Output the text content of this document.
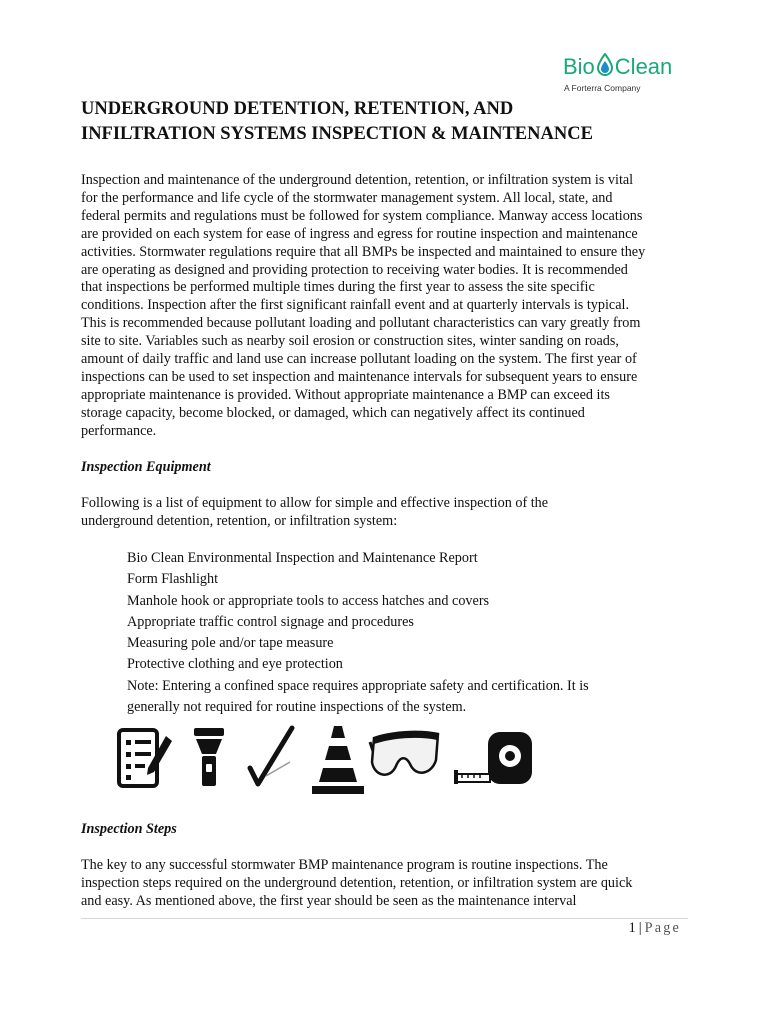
Bio Clean
A Forterra Company
UNDERGROUND DETENTION, RETENTION, AND
INFILTRATION SYSTEMS INSPECTION & MAINTENANCE
Inspection and maintenance of the underground detention, retention, or infiltration system is vital
for the performance and life cycle of the stormwater management system. All local, state, and
federal permits and regulations must be followed for system compliance. Manway access locations
are provided on each system for ease of ingress and egress for routine inspection and maintenance
activities. Stormwater regulations require that all BMPs be inspected and maintained to ensure they
are operating as designed and providing protection to receiving water bodies. It is recommended
that inspections be performed multiple times during the first year to assess the site specific
conditions. Inspection after the first significant rainfall event and at quarterly intervals is typical.
This is recommended because pollutant loading and pollutant characteristics can vary greatly from
site to site. Variables such as nearby soil erosion or construction sites, winter sanding on roads,
amount of daily traffic and land use can increase pollutant loading on the system. The first year of
inspections can be used to set inspection and maintenance intervals for subsequent years to ensure
appropriate maintenance is provided. Without appropriate maintenance a BMP can exceed its
storage capacity, become blocked, or damaged, which can negatively affect its continued
performance.
Inspection Equipment
Following is a list of equipment to allow for simple and effective inspection of the
underground detention, retention, or infiltration system:
Bio Clean Environmental Inspection and Maintenance Report
Form Flashlight
Manhole hook or appropriate tools to access hatches and covers
Appropriate traffic control signage and procedures
Measuring pole and/or tape measure
Protective clothing and eye protection
Note: Entering a confined space requires appropriate safety and certification. It is
generally not required for routine inspections of the system.
Inspection Steps
The key to any successful stormwater BMP maintenance program is routine inspections. The
inspection steps required on the underground detention, retention, or infiltration system are quick
and easy. As mentioned above, the first year should be seen as the maintenance interval
1 | Page
